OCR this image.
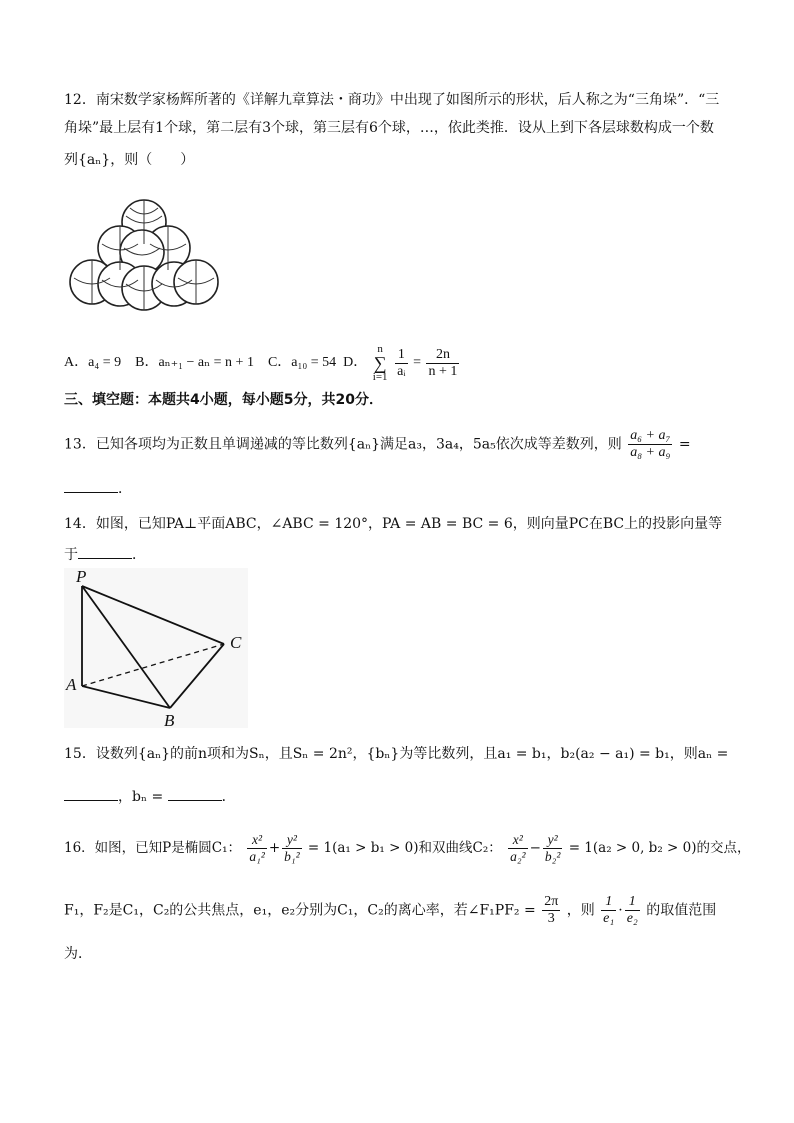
12．南宋数学家杨辉所著的《详解九章算法・商功》中出现了如图所示的形状，后人称之为“三角垛”．“三
角垛”最上层有1个球，第二层有3个球，第三层有6个球，…，依此类推．设从上到下各层球数构成一个数
列{aₙ}，则（　　）
A．a₄ = 9 B．aₙ₊₁ − aₙ = n + 1 C．a₁₀ = 54 D．
n
∑
i=1
$\frac{1}{\text{aᵢ}} = \frac{2n}{n + 1}$
三、填空题：本题共4小题，每小题5分，共20分．
13．已知各项均为正数且单调递减的等比数列{aₙ}满足a₃，3a₄，5a₅依次成等差数列，则 $\frac{\text{a₆ + a₇}}{\text{a₈ + a₉}}$ =
．
14．如图，已知PA⊥平面ABC，∠ABC = 120°，PA = AB = BC = 6，则向量PC在BC上的投影向量等
于	．
P
A
B
C
15．设数列{aₙ}的前n项和为Sₙ，且Sₙ = 2n²，{bₙ}为等比数列，且a₁ = b₁，b₂(a₂ − a₁) = b₁，则aₙ =
，bₙ =	．
16．如图，已知P是椭圆C₁： $\frac{\text{x²}}{\text{a₁²}} + \frac{\text{y²}}{\text{b₁²}} = 1(a_1 > b_1 > 0)$和双曲线C₂： $\frac{\text{x²}}{\text{a₂²}} - \frac{\text{y²}}{\text{b₂²}} = 1(a_2 > 0$, b₂ > 0)的交点，
F₁，F₂是C₁，C₂的公共焦点，e₁，e₂分别为C₁，C₂的离心率，若∠F₁PF₂ = $\frac{2\pi}{3}$ ，则 $\frac{1}{\text{e₁}} \cdot \frac{1}{\text{e₂}}$ 的取值范围
为．
